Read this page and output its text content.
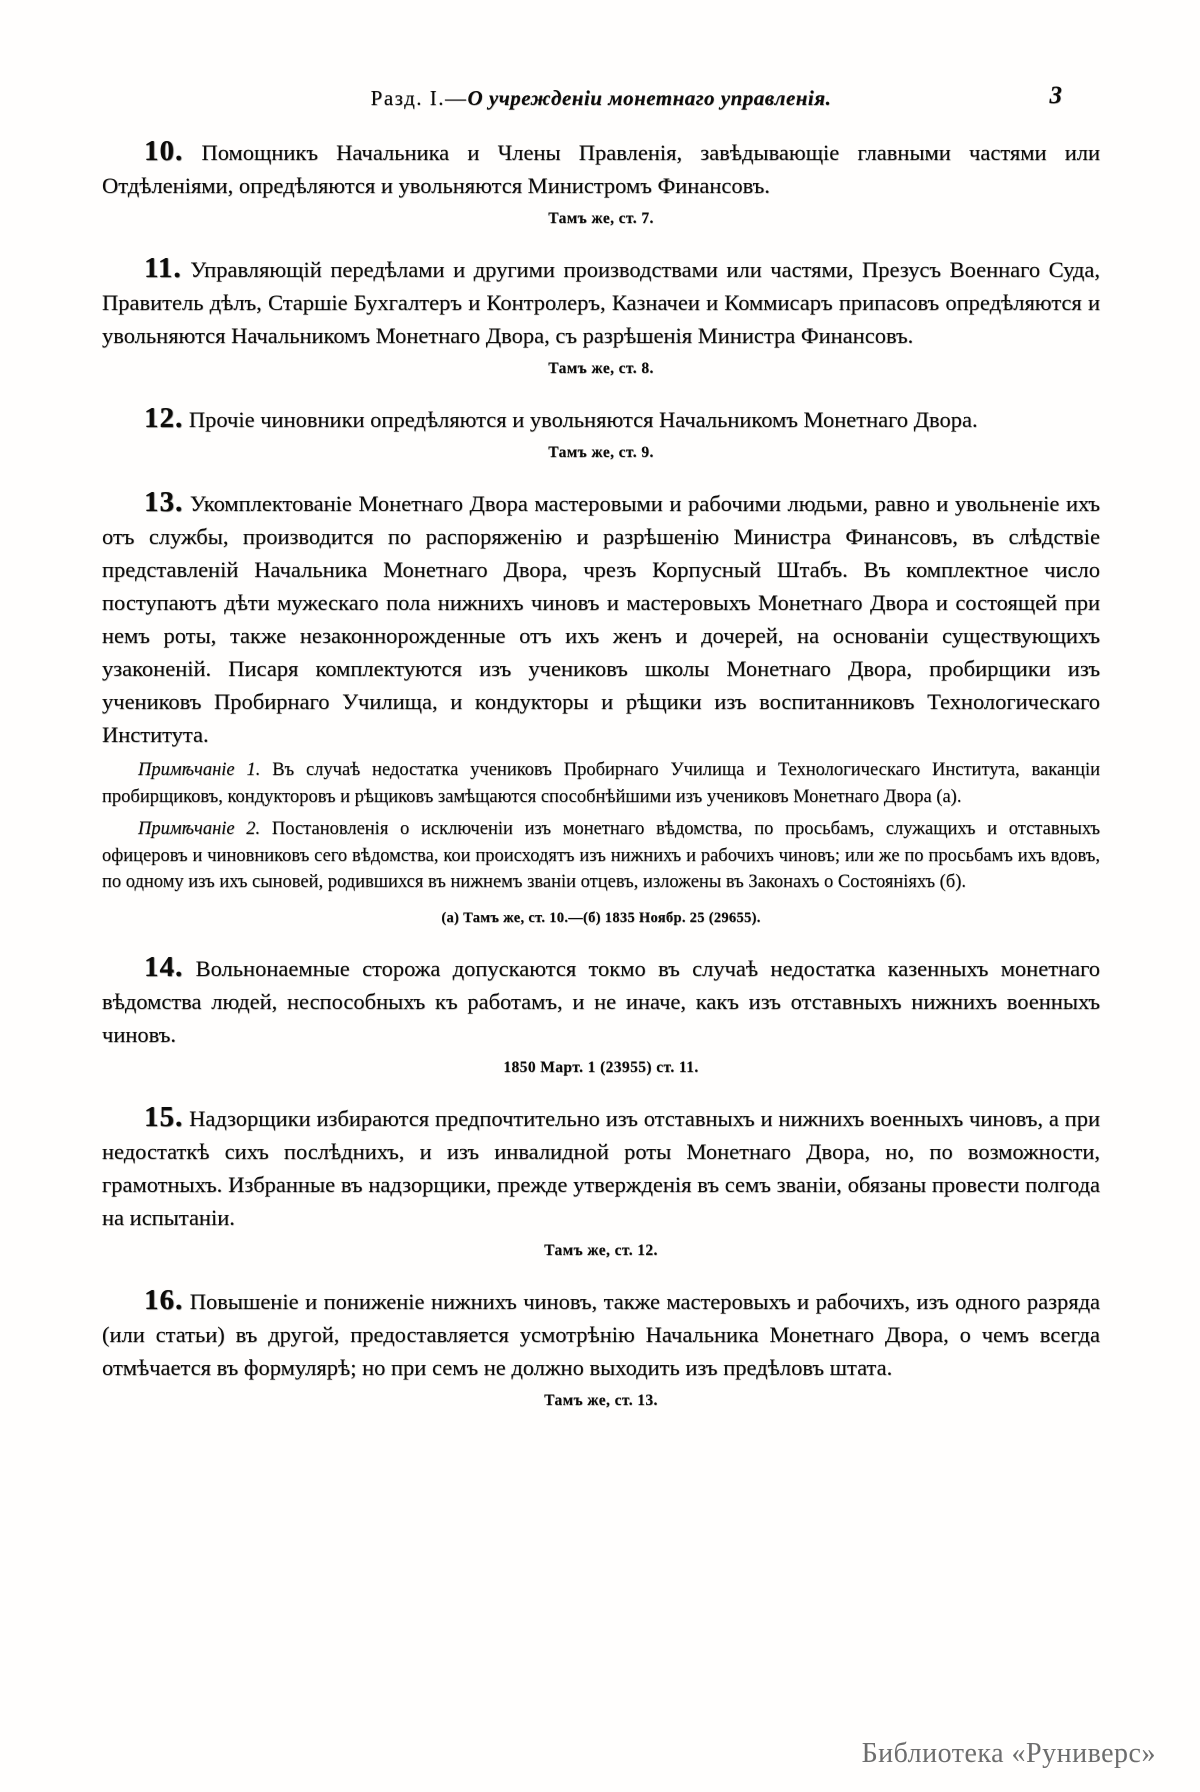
Разд. I.—О учрежденіи монетнаго управленія.	3

10. Помощникъ Начальника и Члены Правленія, завѣдывающіе главными частями или Отдѣленіями, опредѣляются и увольняются Министромъ Финансовъ.

Тамъ же, ст. 7.

11. Управляющій передѣлами и другими производствами или частями, Презусъ Военнаго Суда, Правитель дѣлъ, Старшіе Бухгалтеръ и Контролеръ, Казначеи и Коммисаръ припасовъ опредѣляются и увольняются Начальникомъ Монетнаго Двора, съ разрѣшенія Министра Финансовъ.

Тамъ же, ст. 8.

12. Прочіе чиновники опредѣляются и увольняются Начальникомъ Монетнаго Двора.

Тамъ же, ст. 9.

13. Укомплектованіе Монетнаго Двора мастеровыми и рабочими людьми, равно и увольненіе ихъ отъ службы, производится по распоряженію и разрѣшенію Министра Финансовъ, въ слѣдствіе представленій Начальника Монетнаго Двора, чрезъ Корпусный Штабъ. Въ комплектное число поступаютъ дѣти мужескаго пола нижнихъ чиновъ и мастеровыхъ Монетнаго Двора и состоящей при немъ роты, также незаконнорожденные отъ ихъ женъ и дочерей, на основаніи существующихъ узаконеній. Писаря комплектуются изъ учениковъ школы Монетнаго Двора, пробирщики изъ учениковъ Пробирнаго Училища, и кондукторы и рѣщики изъ воспитанниковъ Технологическаго Института.

Примѣчаніе 1. Въ случаѣ недостатка учениковъ Пробирнаго Училища и Технологическаго Института, ваканціи пробирщиковъ, кондукторовъ и рѣщиковъ замѣщаются способнѣйшими изъ учениковъ Монетнаго Двора (а).

Примѣчаніе 2. Постановленія о исключеніи изъ монетнаго вѣдомства, по просьбамъ, служащихъ и отставныхъ офицеровъ и чиновниковъ сего вѣдомства, кои происходятъ изъ нижнихъ и рабочихъ чиновъ; или же по просьбамъ ихъ вдовъ, по одному изъ ихъ сыновей, родившихся въ нижнемъ званіи отцевъ, изложены въ Законахъ о Состояніяхъ (б).

(а) Тамъ же, ст. 10.—(б) 1835 Ноябр. 25 (29655).

14. Вольнонаемные сторожа допускаются токмо въ случаѣ недостатка казенныхъ монетнаго вѣдомства людей, неспособныхъ къ работамъ, и не иначе, какъ изъ отставныхъ нижнихъ военныхъ чиновъ.

1850 Март. 1 (23955) ст. 11.

15. Надзорщики избираются предпочтительно изъ отставныхъ и нижнихъ военныхъ чиновъ, а при недостаткѣ сихъ послѣднихъ, и изъ инвалидной роты Монетнаго Двора, но, по возможности, грамотныхъ. Избранные въ надзорщики, прежде утвержденія въ семъ званіи, обязаны провести полгода на испытаніи.

Тамъ же, ст. 12.

16. Повышеніе и пониженіе нижнихъ чиновъ, также мастеровыхъ и рабочихъ, изъ одного разряда (или статьи) въ другой, предоставляется усмотрѣнію Начальника Монетнаго Двора, о чемъ всегда отмѣчается въ формулярѣ; но при семъ не должно выходить изъ предѣловъ штата.

Тамъ же, ст. 13.
Библиотека «Руниверс»
